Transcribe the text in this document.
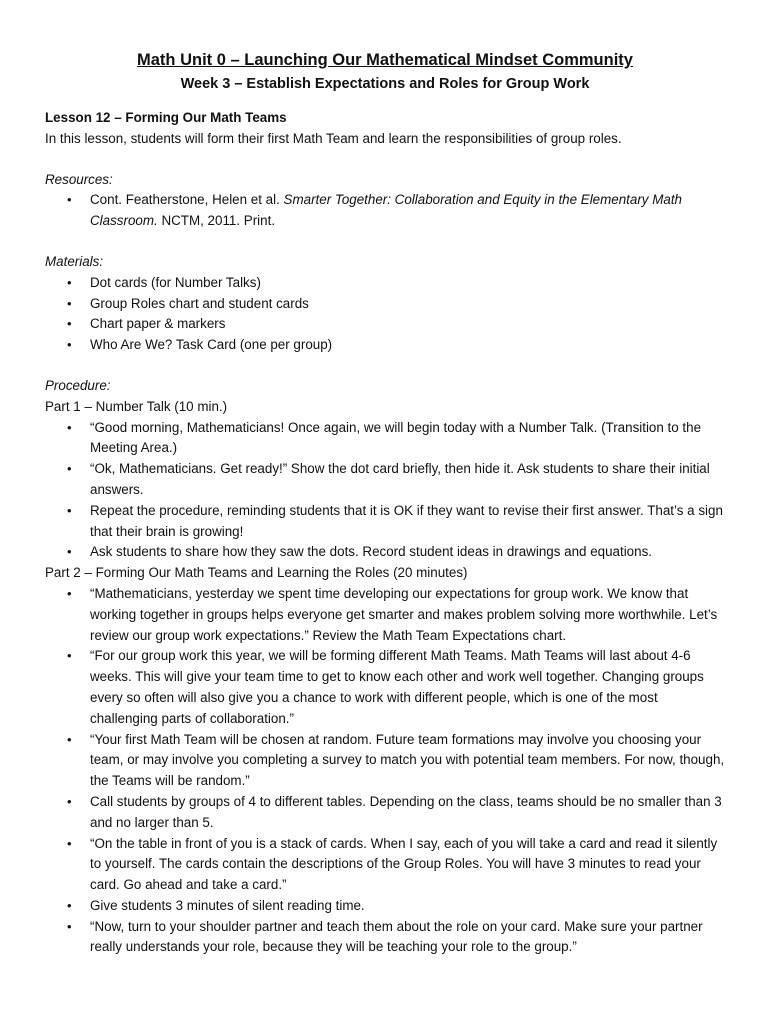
Math Unit 0 – Launching Our Mathematical Mindset Community
Week 3 – Establish Expectations and Roles for Group Work

Lesson 12 – Forming Our Math Teams

In this lesson, students will form their first Math Team and learn the responsibilities of group roles.

Resources:

• Cont. Featherstone, Helen et al. Smarter Together: Collaboration and Equity in the Elementary Math Classroom. NCTM, 2011. Print.

Materials:

• Dot cards (for Number Talks)
• Group Roles chart and student cards
• Chart paper & markers
• Who Are We? Task Card (one per group)

Procedure:

Part 1 – Number Talk (10 min.)

• “Good morning, Mathematicians! Once again, we will begin today with a Number Talk. (Transition to the Meeting Area.)
• “Ok, Mathematicians. Get ready!” Show the dot card briefly, then hide it. Ask students to share their initial answers.
• Repeat the procedure, reminding students that it is OK if they want to revise their first answer. That’s a sign that their brain is growing!
• Ask students to share how they saw the dots. Record student ideas in drawings and equations.

Part 2 – Forming Our Math Teams and Learning the Roles (20 minutes)

• “Mathematicians, yesterday we spent time developing our expectations for group work. We know that working together in groups helps everyone get smarter and makes problem solving more worthwhile. Let’s review our group work expectations.” Review the Math Team Expectations chart.
• “For our group work this year, we will be forming different Math Teams. Math Teams will last about 4-6 weeks. This will give your team time to get to know each other and work well together. Changing groups every so often will also give you a chance to work with different people, which is one of the most challenging parts of collaboration.”
• “Your first Math Team will be chosen at random. Future team formations may involve you choosing your team, or may involve you completing a survey to match you with potential team members. For now, though, the Teams will be random.”
• Call students by groups of 4 to different tables. Depending on the class, teams should be no smaller than 3 and no larger than 5.
• “On the table in front of you is a stack of cards. When I say, each of you will take a card and read it silently to yourself. The cards contain the descriptions of the Group Roles. You will have 3 minutes to read your card. Go ahead and take a card.”
• Give students 3 minutes of silent reading time.
• “Now, turn to your shoulder partner and teach them about the role on your card. Make sure your partner really understands your role, because they will be teaching your role to the group.”
